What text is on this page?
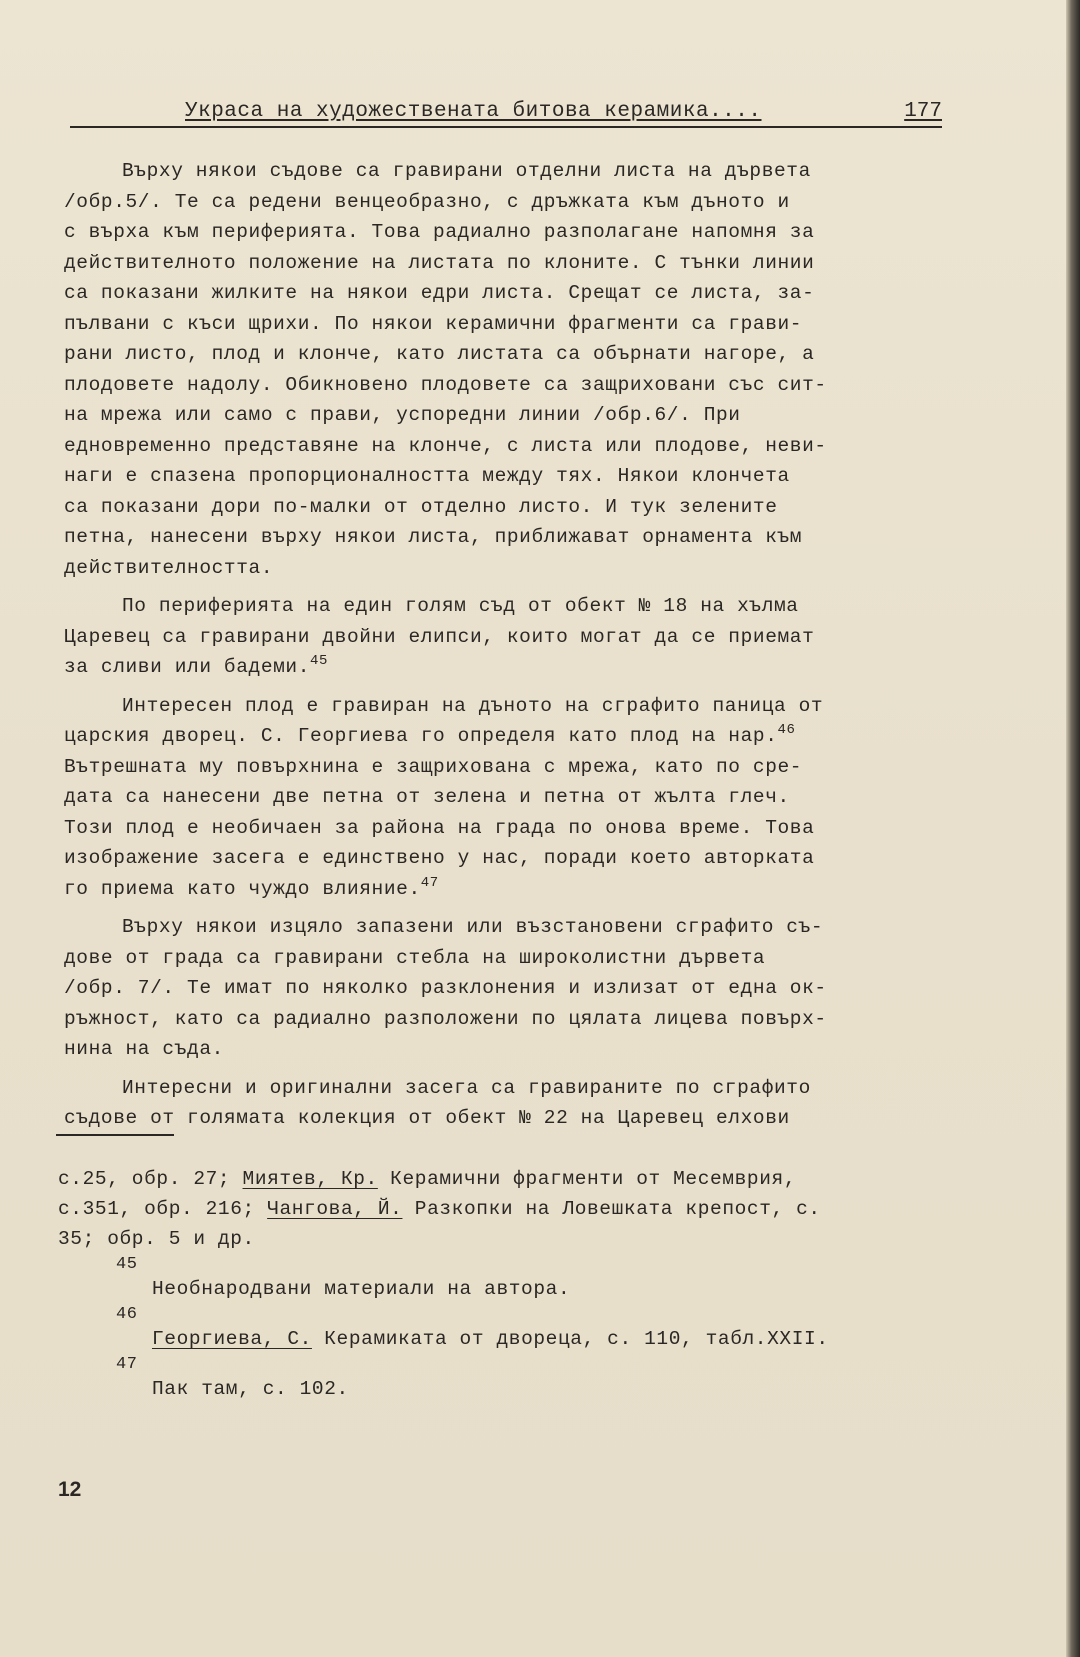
Украса на художествената битова керамика....	177
Върху някои съдове са гравирани отделни листа на дървета
/обр.5/. Те са редени венцеобразно, с дръжката към дъното и
с върха към периферията. Това радиално разполагане напомня за
действителното положение на листата по клоните. С тънки линии
са показани жилките на някои едри листа. Срещат се листа, за-
пълвани с къси щрихи. По някои керамични фрагменти са грави-
рани листо, плод и клонче, като листата са обърнати нагоре, а
плодовете надолу. Обикновено плодовете са защриховани със сит-
на мрежа или само с прави, успоредни линии /обр.6/. При
едновременно представяне на клонче, с листа или плодове, неви-
наги е спазена пропорционалността между тях. Някои клончета
са показани дори по-малки от отделно листо. И тук зелените
петна, нанесени върху някои листа, приближават орнамента към
действителността.
По периферията на един голям съд от обект № 18 на хълма
Царевец са гравирани двойни елипси, които могат да се приемат
за сливи или бадеми.$^{45}$
Интересен плод е гравиран на дъното на сграфито паница от
царския дворец. С. Георгиева го определя като плод на нар.$^{46}$
Вътрешната му повърхнина е защрихована с мрежа, като по сре-
дата са нанесени две петна от зелена и петна от жълта глеч.
Този плод е необичаен за района на града по онова време. Това
изображение засега е единствено у нас, поради което авторката
го приема като чуждо влияние.$^{47}$
Върху някои изцяло запазени или възстановени сграфито съ-
дове от града са гравирани стебла на широколистни дървета
/обр. 7/. Те имат по няколко разклонения и излизат от една ок-
ръжност, като са радиално разположени по цялата лицева повърх-
нина на съда.
Интересни и оригинални засега са гравираните по сграфито
съдове от голямата колекция от обект № 22 на Царевец елхови
с.25, обр. 27; Миятев, Кр. Керамични фрагменти от Месемврия,
с.351, обр. 216; Чангова, Й. Разкопки на Ловешката крепост, с.
35; обр. 5 и др.
45
Необнародвани материали на автора.
46
Георгиева, С. Керамиката от двореца, с. 110, табл.XXII.
47
Пак там, с. 102.
12
